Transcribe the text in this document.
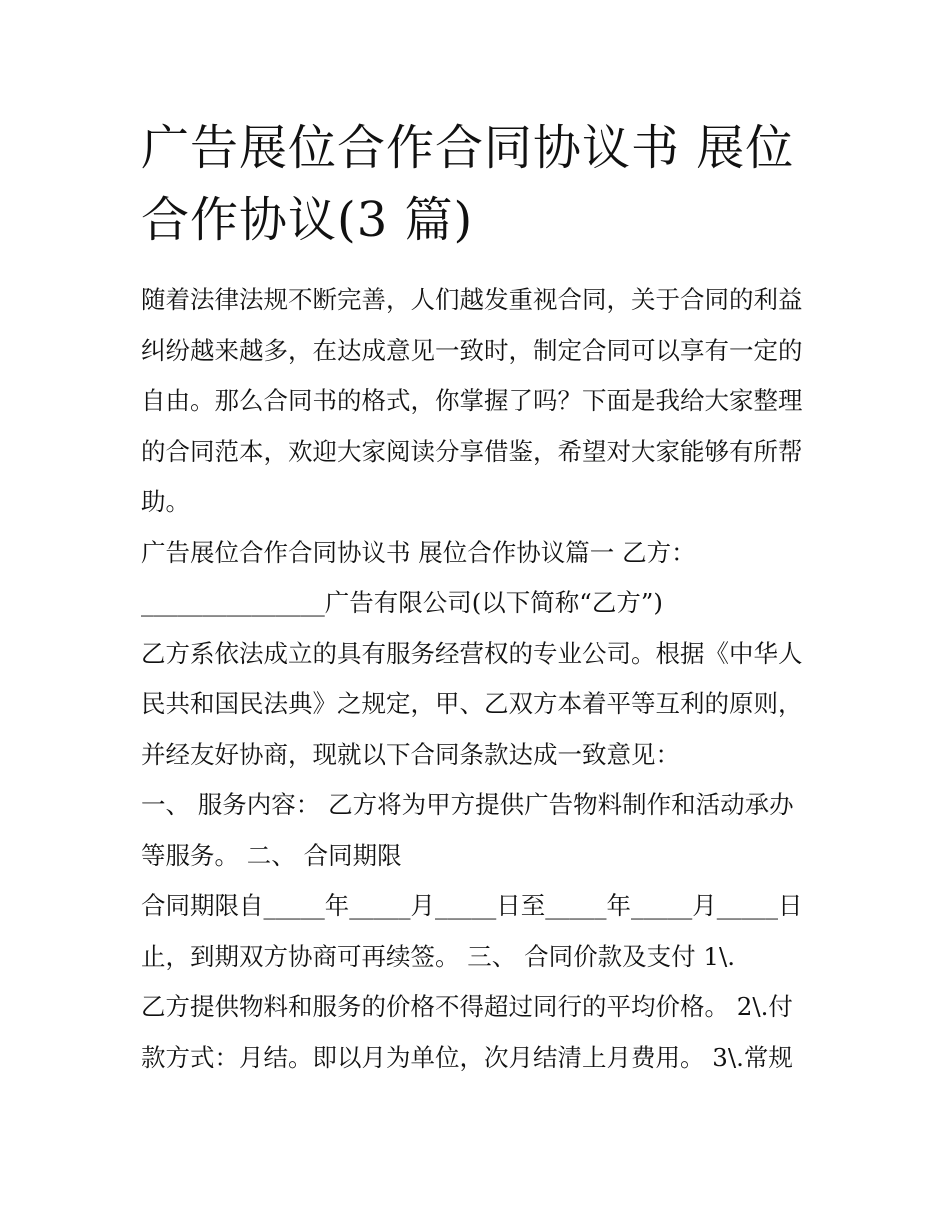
广告展位合作合同协议书 展位
合作协议(3 篇)

随着法律法规不断完善，人们越发重视合同，关于合同的利益

纠纷越来越多，在达成意见一致时，制定合同可以享有一定的

自由。那么合同书的格式，你掌握了吗？下面是我给大家整理

的合同范本，欢迎大家阅读分享借鉴，希望对大家能够有所帮

助。

广告展位合作合同协议书 展位合作协议篇一 乙方：

_______________广告有限公司(以下简称“乙方”)

乙方系依法成立的具有服务经营权的专业公司。根据《中华人

民共和国民法典》之规定，甲、乙双方本着平等互利的原则，

并经友好协商，现就以下合同条款达成一致意见：

一、 服务内容： 乙方将为甲方提供广告物料制作和活动承办

等服务。 二、 合同期限

合同期限自_____年_____月_____日至_____年_____月_____日

止，到期双方协商可再续签。 三、 合同价款及支付 1\.

乙方提供物料和服务的价格不得超过同行的平均价格。 2\.付

款方式：月结。即以月为单位，次月结清上月费用。 3\.常规
